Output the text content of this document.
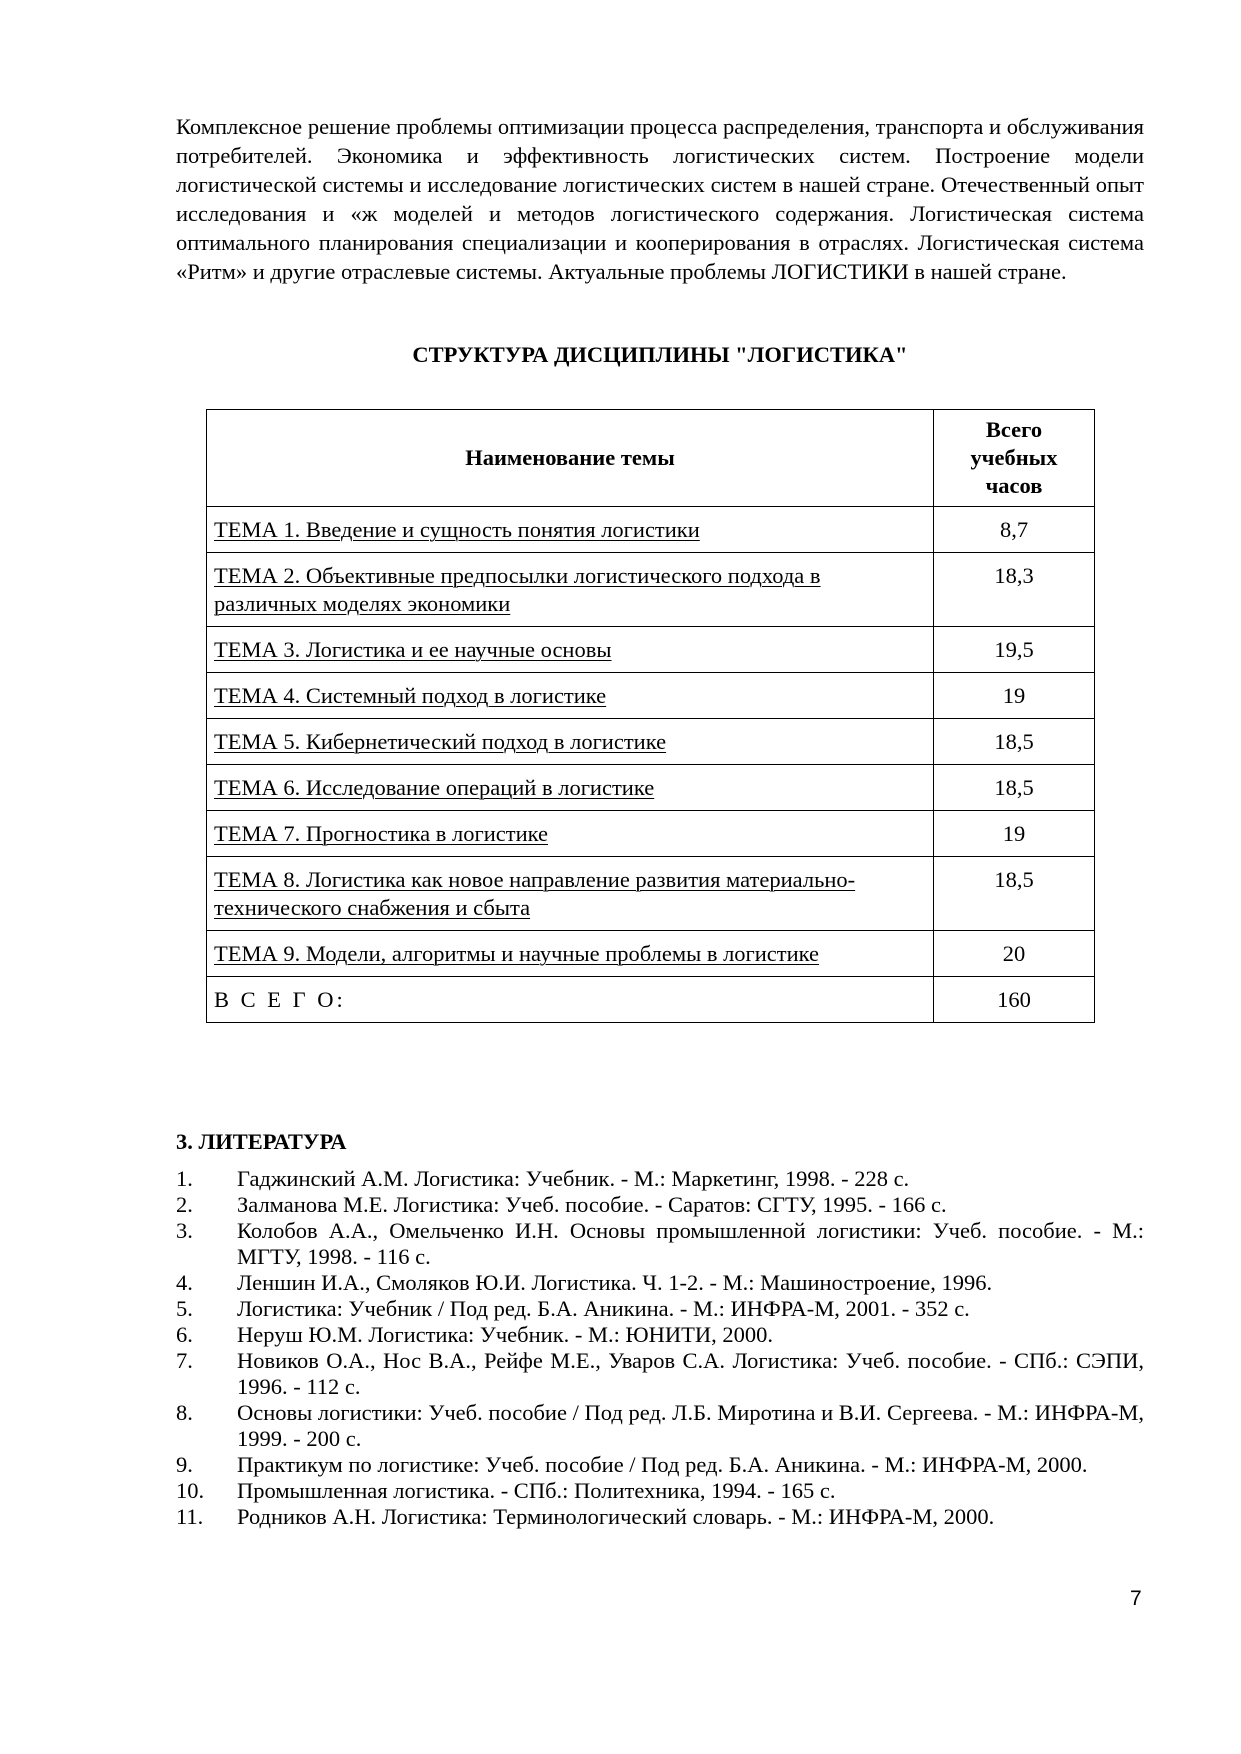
Комплексное решение проблемы оптимизации процесса распределения, транспорта и обслуживания потребителей. Экономика и эффективность логистических систем. Построение модели логистической системы и исследование логистических систем в нашей стране. Отечественный опыт исследования и «ж моделей и методов логистического содержания. Логистическая система оптимального планирования специализации и кооперирования в отраслях. Логистическая система «Ритм» и другие отраслевые системы. Актуальные проблемы ЛОГИСТИКИ в нашей стране.

СТРУКТУРА ДИСЦИПЛИНЫ "ЛОГИСТИКА"
Наименование темы	Всего
учебных
часов

ТЕМА 1. Введение и сущность понятия логистики	8,7
ТЕМА 2. Объективные предпосылки логистического подхода в различных моделях экономики	18,3
ТЕМА 3. Логистика и ее научные основы	19,5
ТЕМА 4. Системный подход в логистике	19
ТЕМА 5. Кибернетический подход в логистике	18,5
ТЕМА 6. Исследование операций в логистике	18,5
ТЕМА 7. Прогностика в логистике	19
ТЕМА 8. Логистика как новое направление развития материально-технического снабжения и сбыта	18,5
ТЕМА 9. Модели, алгоритмы и научные проблемы в логистике	20
В С Е Г О:	160
3. ЛИТЕРАТУРА
1.	Гаджинский А.М. Логистика: Учебник. - М.: Маркетинг, 1998. - 228 с.
2.	Залманова М.Е. Логистика: Учеб. пособие. - Саратов: СГТУ, 1995. - 166 с.
3.	Колобов А.А., Омельченко И.Н. Основы промышленной логистики: Учеб. пособие. - М.: МГТУ, 1998. - 116 с.
4.	Леншин И.А., Смоляков Ю.И. Логистика. Ч. 1-2. - М.: Машиностроение, 1996.
5.	Логистика: Учебник / Под ред. Б.А. Аникина. - М.: ИНФРА-М, 2001. - 352 с.
6.	Неруш Ю.М. Логистика: Учебник. - М.: ЮНИТИ, 2000.
7.	Новиков О.А., Нос В.А., Рейфе М.Е., Уваров С.А. Логистика: Учеб. пособие. - СПб.: СЭПИ, 1996. - 112 с.
8.	Основы логистики: Учеб. пособие / Под ред. Л.Б. Миротина и В.И. Сергеева. - М.: ИНФРА-М, 1999. - 200 с.
9.	Практикум по логистике: Учеб. пособие / Под ред. Б.А. Аникина. - М.: ИНФРА-М, 2000.
10.	Промышленная логистика. - СПб.: Политехника, 1994. - 165 с.
11.	Родников А.Н. Логистика: Терминологический словарь. - М.: ИНФРА-М, 2000.
7
